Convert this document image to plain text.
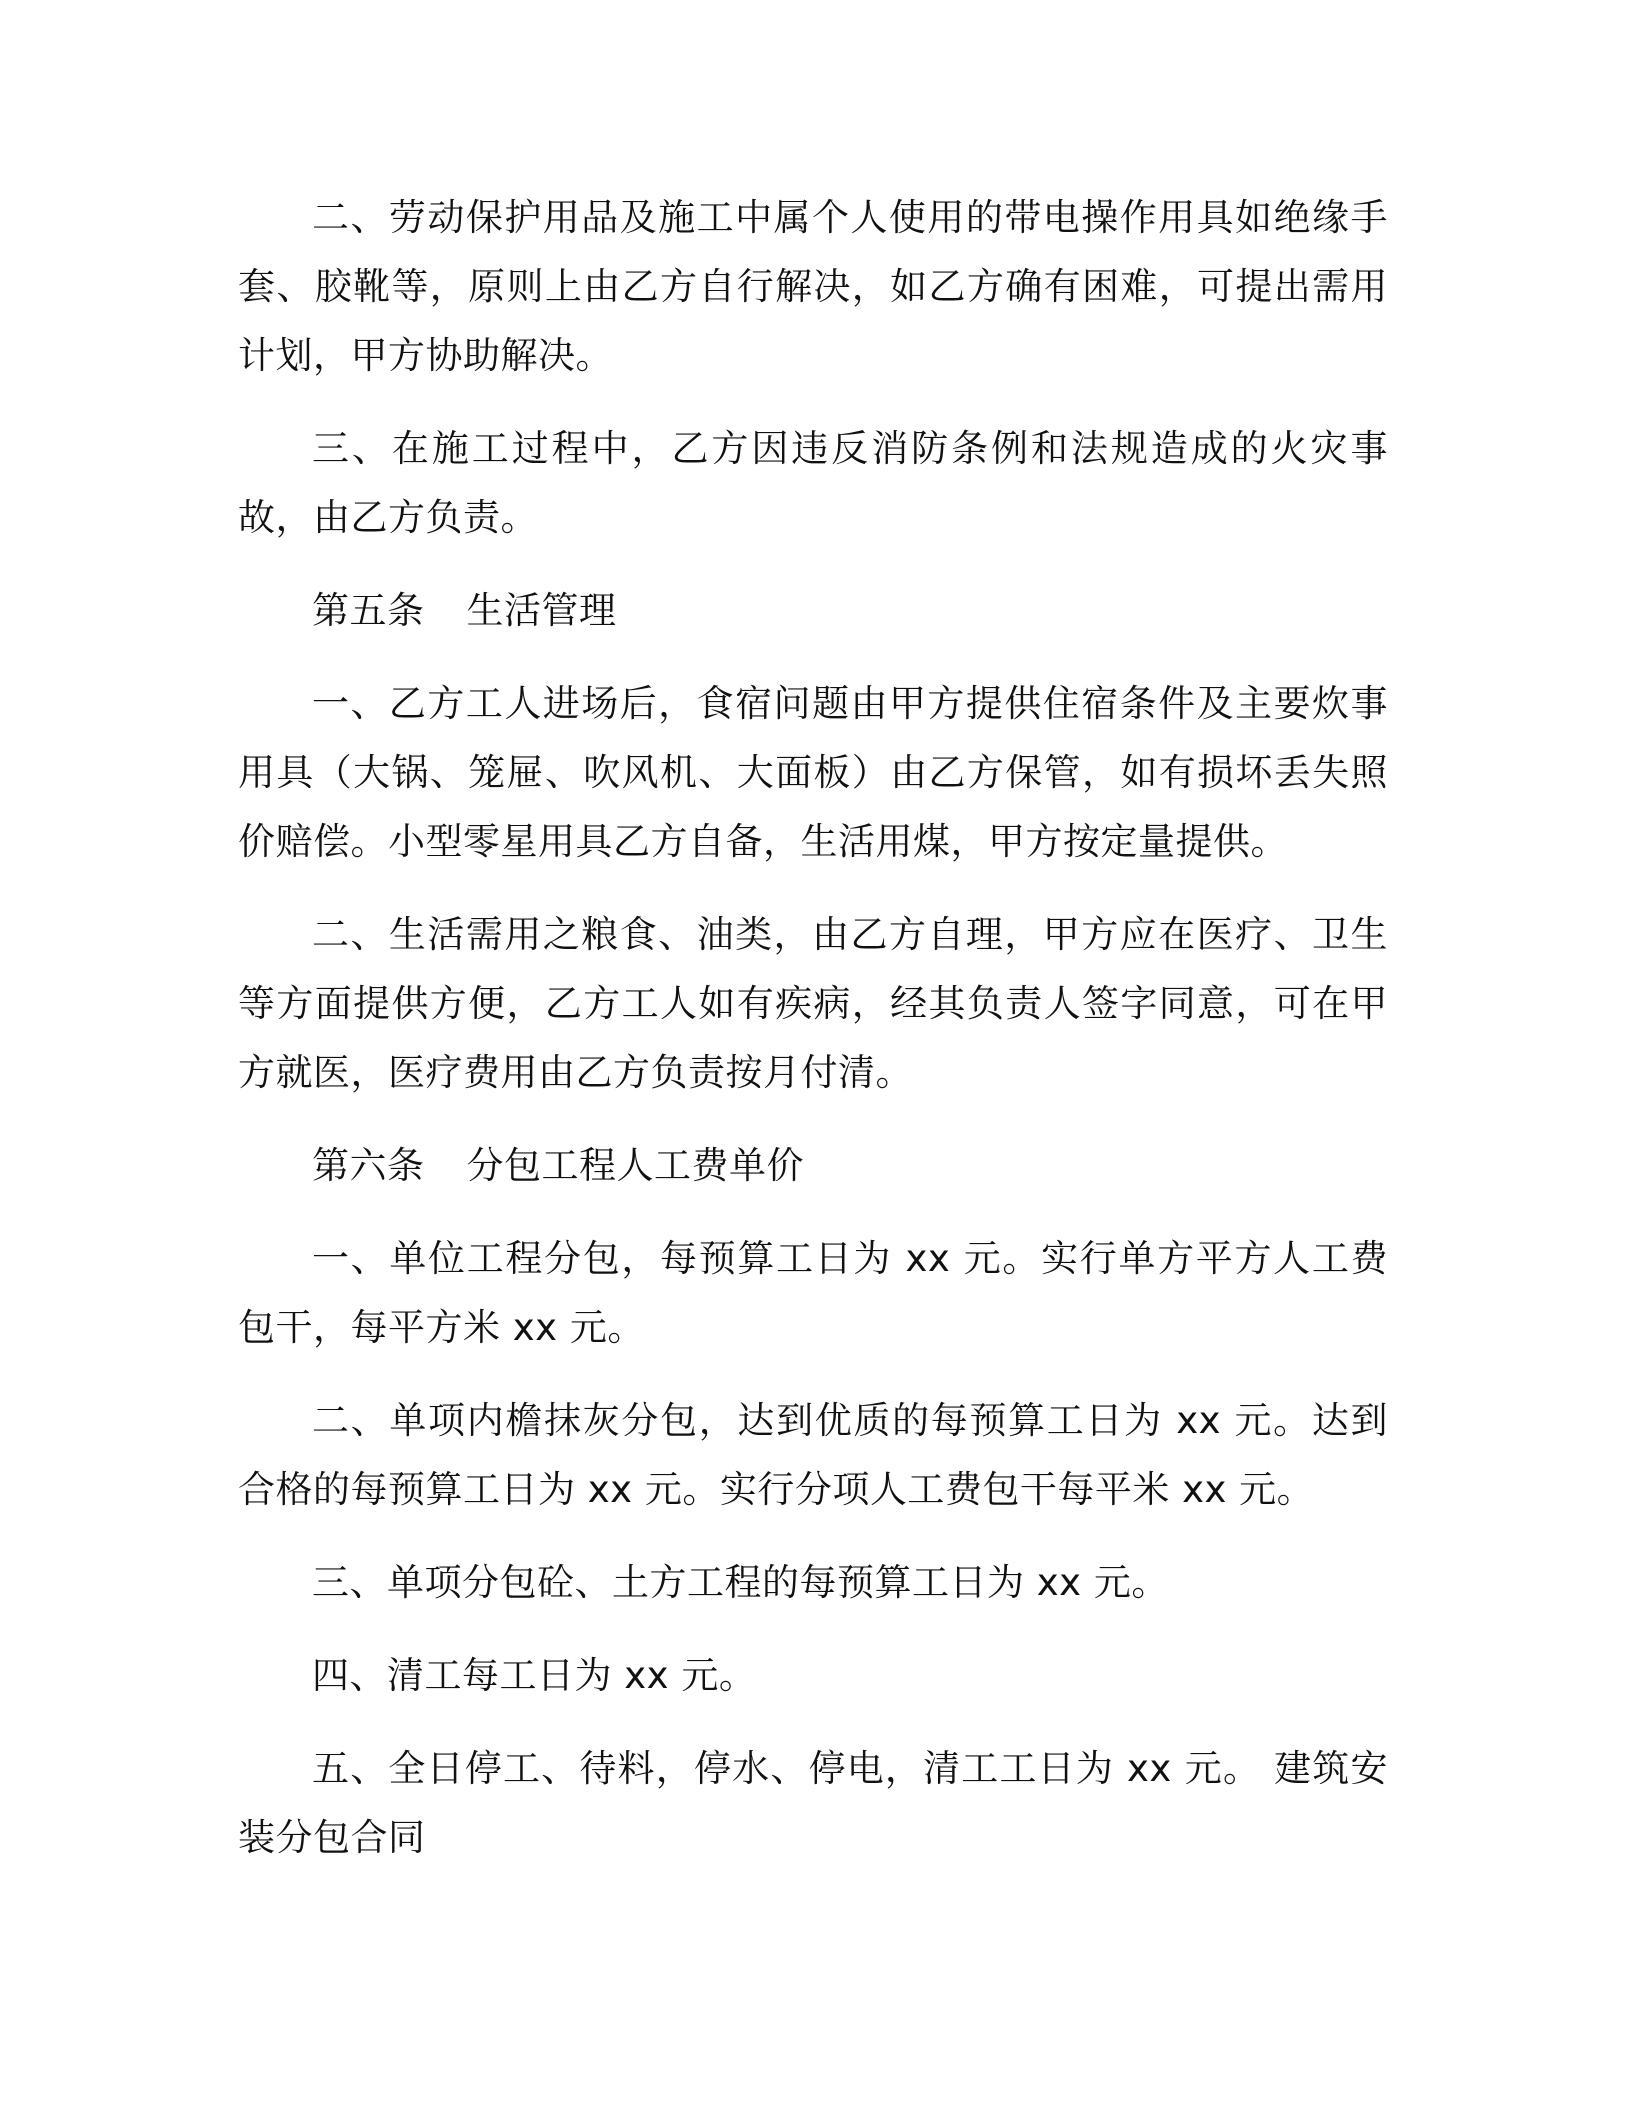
二、劳动保护用品及施工中属个人使用的带电操作用具如绝缘手套、胶靴等，原则上由乙方自行解决，如乙方确有困难，可提出需用计划，甲方协助解决。

三、在施工过程中，乙方因违反消防条例和法规造成的火灾事故，由乙方负责。

第五条 生活管理

一、乙方工人进场后，食宿问题由甲方提供住宿条件及主要炊事用具（大锅、笼屉、吹风机、大面板）由乙方保管，如有损坏丢失照价赔偿。小型零星用具乙方自备，生活用煤，甲方按定量提供。

二、生活需用之粮食、油类，由乙方自理，甲方应在医疗、卫生等方面提供方便，乙方工人如有疾病，经其负责人签字同意，可在甲方就医，医疗费用由乙方负责按月付清。

第六条 分包工程人工费单价

一、单位工程分包，每预算工日为 xx 元。实行单方平方人工费包干，每平方米 xx 元。

二、单项内檐抹灰分包，达到优质的每预算工日为 xx 元。达到合格的每预算工日为 xx 元。实行分项人工费包干每平米 xx 元。

三、单项分包砼、土方工程的每预算工日为 xx 元。

四、清工每工日为 xx 元。

五、全日停工、待料，停水、停电，清工工日为 xx 元。 建筑安装分包合同
